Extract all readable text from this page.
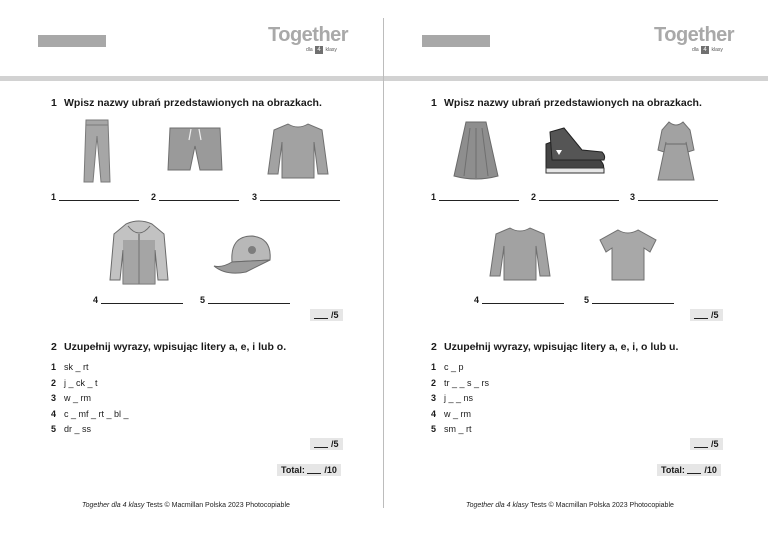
Together
dla 4 klasy
1 Wpisz nazwy ubrań przedstawionych na obrazkach.
1	2	3
4	5
/5
2 Uzupełnij wyrazy, wpisując litery a, e, i lub o.
1 sk _ rt
2 j _ ck _ t
3 w _ rm
4 c _ mf _ rt _ bl _
5 dr _ ss
/5
Total: /10
Together dla 4 klasy Tests © Macmillan Polska 2023 Photocopiable
Together
dla 4 klasy
1 Wpisz nazwy ubrań przedstawionych na obrazkach.
1	2	3
4	5
/5
2 Uzupełnij wyrazy, wpisując litery a, e, i, o lub u.
1 c _ p
2 tr _ _ s _ rs
3 j _ _ ns
4 w _ rm
5 sm _ rt
/5
Total: /10
Together dla 4 klasy Tests © Macmillan Polska 2023 Photocopiable
